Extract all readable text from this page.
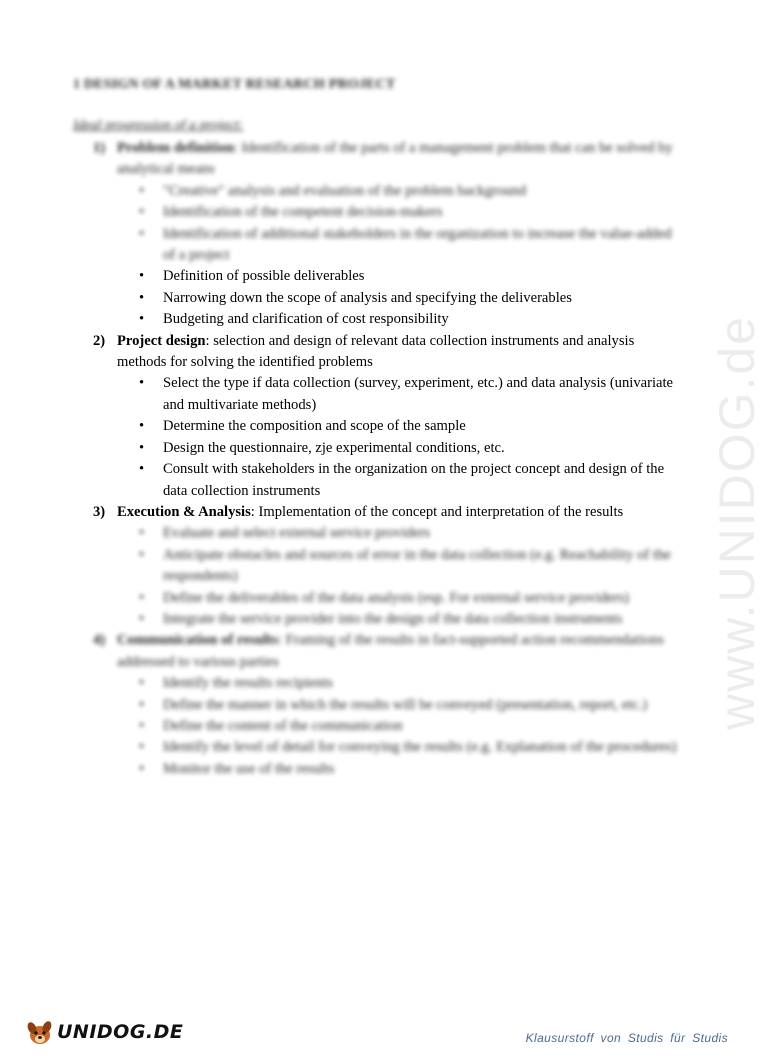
www.UNIDOG.de
1 DESIGN OF A MARKET RESEARCH PROJECT
Ideal progression of a project:
1) Problem definition: Identification of the parts of a management problem that can be solved by analytical means
• "Creative" analysis and evaluation of the problem background
• Identification of the competent decision-makers
• Identification of additional stakeholders in the organization to increase the value-added of a project
• Definition of possible deliverables
• Narrowing down the scope of analysis and specifying the deliverables
• Budgeting and clarification of cost responsibility
2) Project design: selection and design of relevant data collection instruments and analysis methods for solving the identified problems
• Select the type if data collection (survey, experiment, etc.) and data analysis (univariate and multivariate methods)
• Determine the composition and scope of the sample
• Design the questionnaire, zje experimental conditions, etc.
• Consult with stakeholders in the organization on the project concept and design of the data collection instruments
3) Execution & Analysis: Implementation of the concept and interpretation of the results
• Evaluate and select external service providers
• Anticipate obstacles and sources of error in the data collection (e.g. Reachability of the respondents)
• Define the deliverables of the data analysis (esp. For external service providers)
• Integrate the service provider into the design of the data collection instruments
4) Communication of results: Framing of the results in fact-supported action recommendations addressed to various parties
• Identify the results recipients
• Define the manner in which the results will be conveyed (presentation, report, etc.)
• Define the content of the communication
• Identify the level of detail for conveying the results (e.g. Explanation of the procedures)
• Monitor the use of the results
UNIDOG.DE	Klausurstoff von Studis für Studis
